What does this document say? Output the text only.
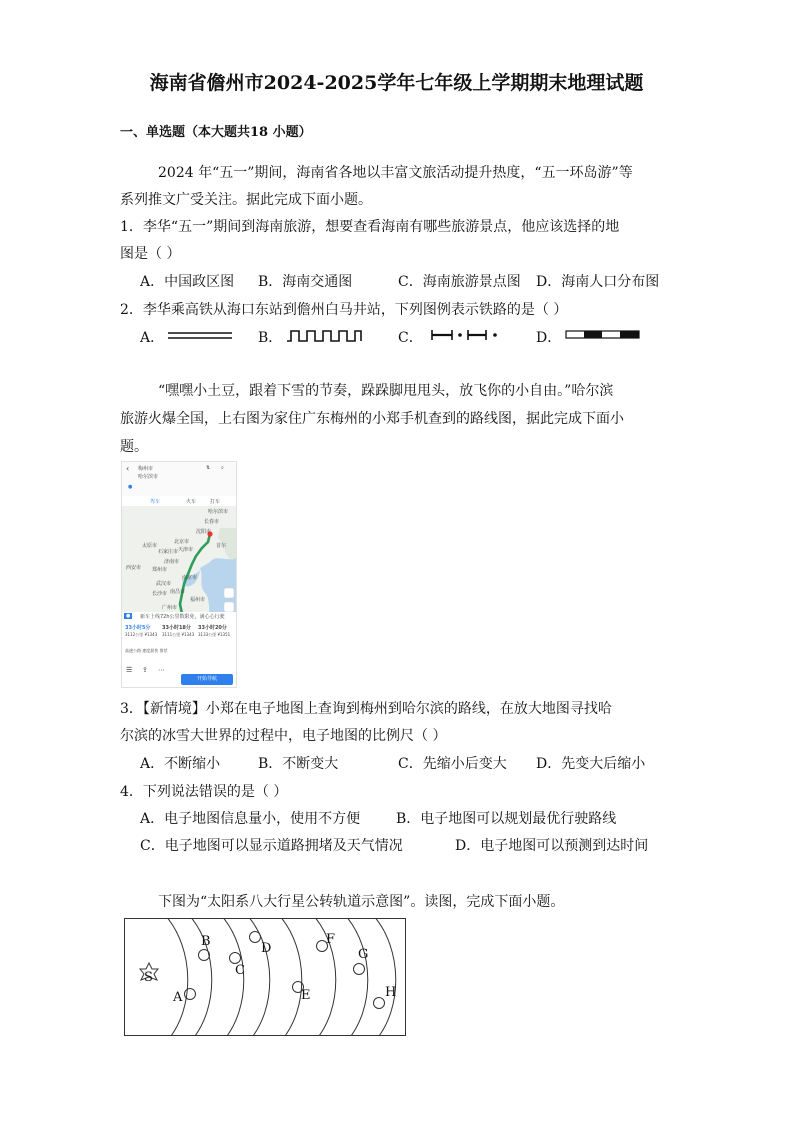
海南省儋州市2024-2025学年七年级上学期期末地理试题
一、单选题（本大题共18 小题）
2024 年“五一”期间，海南省各地以丰富文旅活动提升热度，“五一环岛游”等
系列推文广受关注。据此完成下面小题。
1．李华“五一”期间到海南旅游，想要查看海南有哪些旅游景点，他应该选择的地
图是（ ）
A．中国政区图 B．海南交通图	C．海南旅游景点图 D．海南人口分布图
2．李华乘高铁从海口东站到儋州白马井站，下列图例表示铁路的是（ ）
A．	B．	C．	D．
“嘿嘿小土豆，跟着下雪的节奏，跺跺脚甩甩头，放飞你的小自由。”哈尔滨
旅游火爆全国，上右图为家住广东梅州的小郑手机查到的路线图，据此完成下面小
题。
‹ 梅州市
哈尔滨市
⇅ ⌕
●
驾车	火车	打车
哈尔滨市
长春市
沈阳市
北京市
天津市
石家庄市
济南市
郑州市
南京市
武汉市
长沙市 南昌市
福州市
广州市
西安市
太原市	首尔
●	新车上线72h公里数限免，满心心行驶
33小时5分
3112公里 ¥1343
33小时18分
3111公里 ¥1343
33小时20分
3133公里 ¥1351
高速公路 速度最快 推荐
☰ ⇪ ⋯
开始导航
3．【新情境】小郑在电子地图上查询到梅州到哈尔滨的路线，在放大地图寻找哈
尔滨的冰雪大世界的过程中，电子地图的比例尺（ ）
A．不断缩小	B．不断变大	C．先缩小后变大 D．先变大后缩小
4．下列说法错误的是（ ）
A．电子地图信息量小，使用不方便	B．电子地图可以规划最优行驶路线
C．电子地图可以显示道路拥堵及天气情况	D．电子地图可以预测到达时间
下图为“太阳系八大行星公转轨道示意图”。读图，完成下面小题。
S
A
B
C
D
E
F
G
H
